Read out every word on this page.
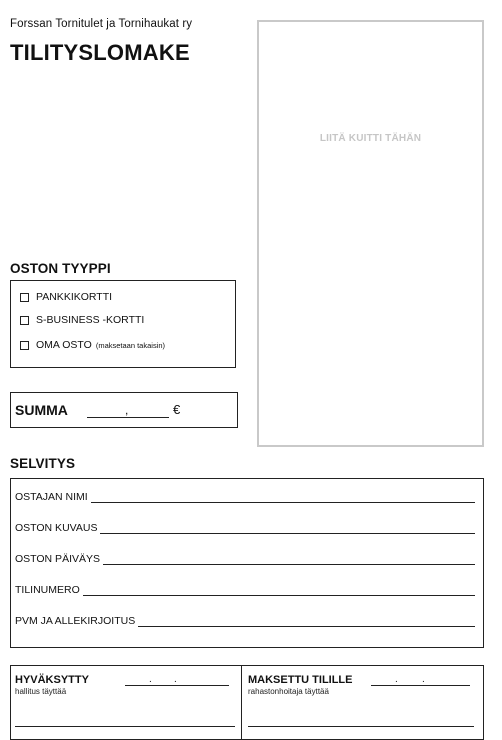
Forssan Tornitulet ja Tornihaukat ry
TILITYSLOMAKE
LIITÄ KUITTI TÄHÄN
OSTON TYYPPI
PANKKIKORTTI
S-BUSINESS -KORTTI
OMA OSTO (maksetaan takaisin)
SUMMA	,	€
SELVITYS
OSTAJAN NIMI
OSTON KUVAUS
OSTON PÄIVÄYS
TILINUMERO
PVM JA ALLEKIRJOITUS
HYVÄKSYTTY
hallitus täyttää
. .	MAKSETTU TILILLE
rahastonhoitaja täyttää
. .
